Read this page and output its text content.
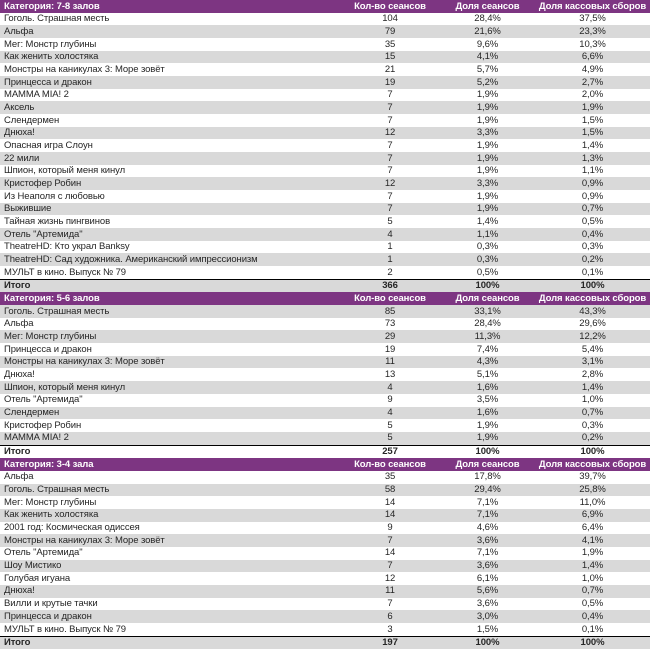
Категория: 7-8 залов	Кол-во сеансов	Доля сеансов	Доля кассовых сборов
Гоголь. Страшная месть	104	28,4%	37,5%
Альфа	79	21,6%	23,3%
Мег: Монстр глубины	35	9,6%	10,3%
Как женить холостяка	15	4,1%	6,6%
Монстры на каникулах 3: Море зовёт	21	5,7%	4,9%
Принцесса и дракон	19	5,2%	2,7%
MAMMA MIA! 2	7	1,9%	2,0%
Аксель	7	1,9%	1,9%
Слендермен	7	1,9%	1,5%
Днюха!	12	3,3%	1,5%
Опасная игра Слоун	7	1,9%	1,4%
22 мили	7	1,9%	1,3%
Шпион, который меня кинул	7	1,9%	1,1%
Кристофер Робин	12	3,3%	0,9%
Из Неаполя с любовью	7	1,9%	0,9%
Выжившие	7	1,9%	0,7%
Тайная жизнь пингвинов	5	1,4%	0,5%
Отель "Артемида"	4	1,1%	0,4%
TheatreHD: Кто украл Banksy	1	0,3%	0,3%
TheatreHD: Сад художника. Американский импрессионизм	1	0,3%	0,2%
МУЛЬТ в кино. Выпуск № 79	2	0,5%	0,1%
Итого	366	100%	100%
Категория: 5-6 залов	Кол-во сеансов	Доля сеансов	Доля кассовых сборов
Гоголь. Страшная месть	85	33,1%	43,3%
Альфа	73	28,4%	29,6%
Мег: Монстр глубины	29	11,3%	12,2%
Принцесса и дракон	19	7,4%	5,4%
Монстры на каникулах 3: Море зовёт	11	4,3%	3,1%
Днюха!	13	5,1%	2,8%
Шпион, который меня кинул	4	1,6%	1,4%
Отель "Артемида"	9	3,5%	1,0%
Слендермен	4	1,6%	0,7%
Кристофер Робин	5	1,9%	0,3%
MAMMA MIA! 2	5	1,9%	0,2%
Итого	257	100%	100%
Категория: 3-4 зала	Кол-во сеансов	Доля сеансов	Доля кассовых сборов
Альфа	35	17,8%	39,7%
Гоголь. Страшная месть	58	29,4%	25,8%
Мег: Монстр глубины	14	7,1%	11,0%
Как женить холостяка	14	7,1%	6,9%
2001 год: Космическая одиссея	9	4,6%	6,4%
Монстры на каникулах 3: Море зовёт	7	3,6%	4,1%
Отель "Артемида"	14	7,1%	1,9%
Шоу Мистико	7	3,6%	1,4%
Голубая игуана	12	6,1%	1,0%
Днюха!	11	5,6%	0,7%
Вилли и крутые тачки	7	3,6%	0,5%
Принцесса и дракон	6	3,0%	0,4%
МУЛЬТ в кино. Выпуск № 79	3	1,5%	0,1%
Итого	197	100%	100%
